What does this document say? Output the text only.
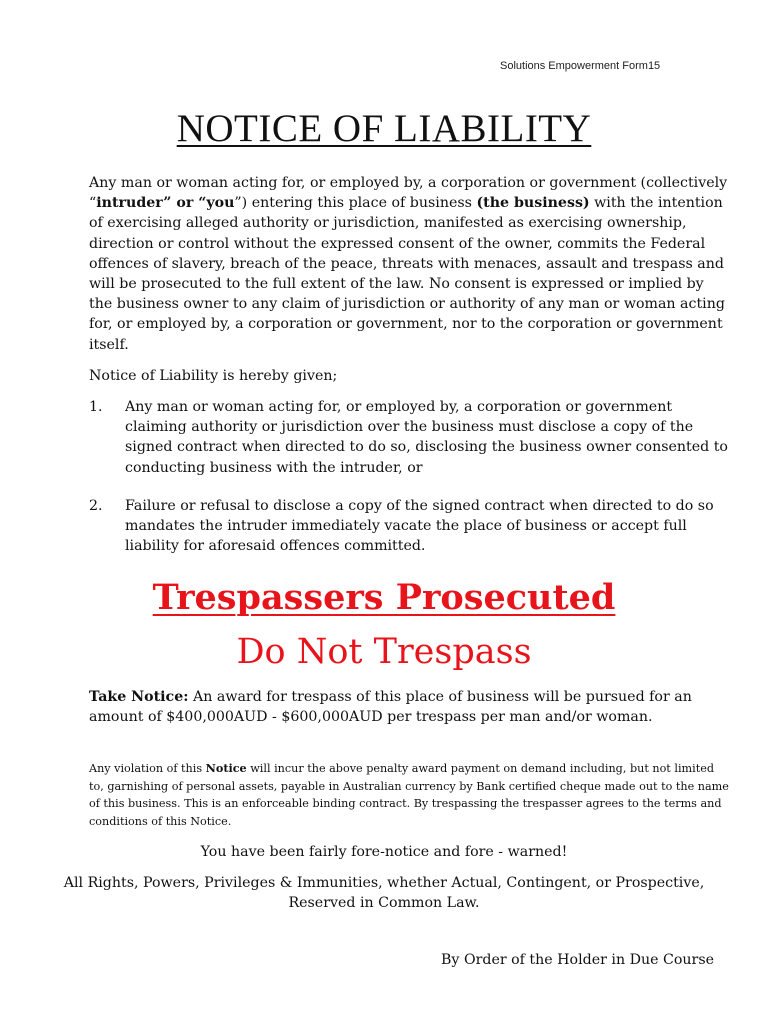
Solutions Empowerment Form15
NOTICE OF LIABILITY
Any man or woman acting for, or employed by, a corporation or government (collectively “intruder” or “you”) entering this place of business (the business) with the intention of exercising alleged authority or jurisdiction, manifested as exercising ownership, direction or control without the expressed consent of the owner, commits the Federal offences of slavery, breach of the peace, threats with menaces, assault and trespass and will be prosecuted to the full extent of the law. No consent is expressed or implied by the business owner to any claim of jurisdiction or authority of any man or woman acting for, or employed by, a corporation or government, nor to the corporation or government itself.
Notice of Liability is hereby given;
1. Any man or woman acting for, or employed by, a corporation or government claiming authority or jurisdiction over the business must disclose a copy of the signed contract when directed to do so, disclosing the business owner consented to conducting business with the intruder, or
2. Failure or refusal to disclose a copy of the signed contract when directed to do so mandates the intruder immediately vacate the place of business or accept full liability for aforesaid offences committed.
Trespassers Prosecuted
Do Not Trespass
Take Notice: An award for trespass of this place of business will be pursued for an amount of $400,000AUD - $600,000AUD per trespass per man and/or woman.
Any violation of this Notice will incur the above penalty award payment on demand including, but not limited to, garnishing of personal assets, payable in Australian currency by Bank certified cheque made out to the name of this business. This is an enforceable binding contract. By trespassing the trespasser agrees to the terms and conditions of this Notice.
You have been fairly fore-notice and fore - warned!
All Rights, Powers, Privileges & Immunities, whether Actual, Contingent, or Prospective, Reserved in Common Law.
By Order of the Holder in Due Course
